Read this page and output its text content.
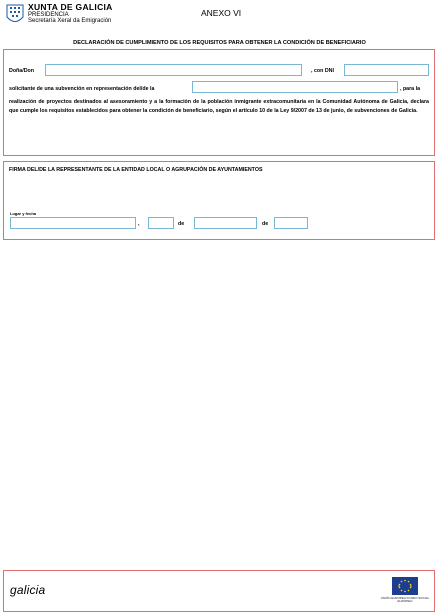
XUNTA DE GALICIA
PRESIDENCIA
Secretaría Xeral da Emigración
ANEXO VI
DECLARACIÓN DE CUMPLIMIENTO DE LOS REQUISITOS PARA OBTENER LA CONDICIÓN DE BENEFICIARIO
Doña/Don	, con DNI
solicitante de una subvención en representación del/de la	, para la
realización de proyectos destinados al asesoramiento y a la formación de la población inmigrante extracomunitaria en la Comunidad Autónoma de Galicia, declara que cumple los requisitos establecidos para obtener la condición de beneficiario, según el artículo 10 de la Ley 9/2007 de 13 de junio, de subvenciones de Galicia.
FIRMA DEL/DE LA REPRESENTANTE DE LA ENTIDAD LOCAL O AGRUPACIÓN DE AYUNTAMIENTOS
Lugar y fecha
,	de	de
galicia
UNIÓN EUROPEA FONDO SOCIAL EUROPEO
